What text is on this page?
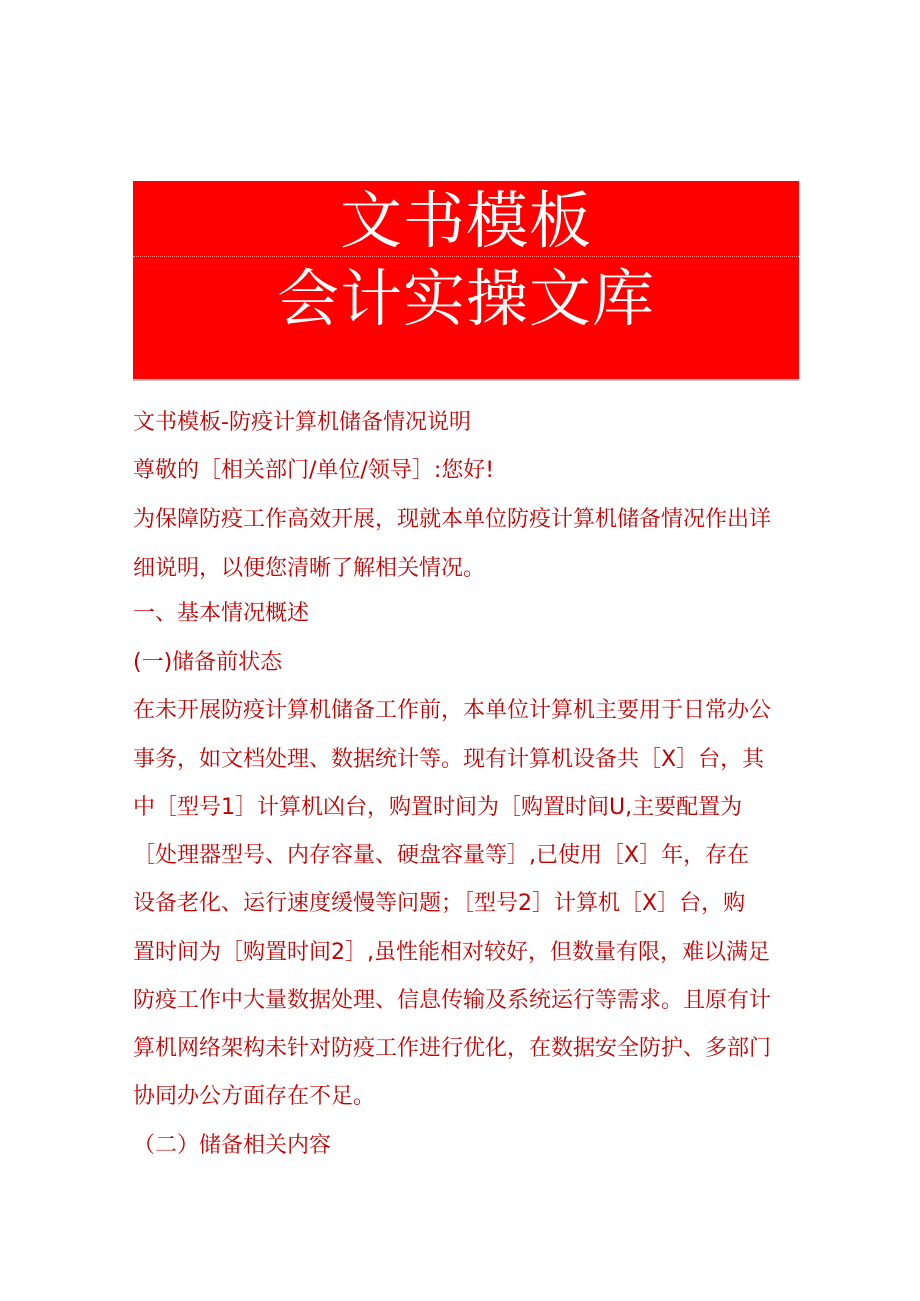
文书模板
会计实操文库
文书模板-防疫计算机储备情况说明
尊敬的［相关部门/单位/领导］:您好!
为保障防疫工作高效开展，现就本单位防疫计算机储备情况作出详
细说明，以便您清晰了解相关情况。
一、基本情况概述
(一)储备前状态
在未开展防疫计算机储备工作前，本单位计算机主要用于日常办公
事务，如文档处理、数据统计等。现有计算机设备共［X］台，其
中［型号1］计算机凶台，购置时间为［购置时间U,主要配置为
［处理器型号、内存容量、硬盘容量等］,已使用［X］年，存在
设备老化、运行速度缓慢等问题；［型号2］计算机［X］台，购
置时间为［购置时间2］,虽性能相对较好，但数量有限，难以满足
防疫工作中大量数据处理、信息传输及系统运行等需求。且原有计
算机网络架构未针对防疫工作进行优化，在数据安全防护、多部门
协同办公方面存在不足。
（二）储备相关内容
